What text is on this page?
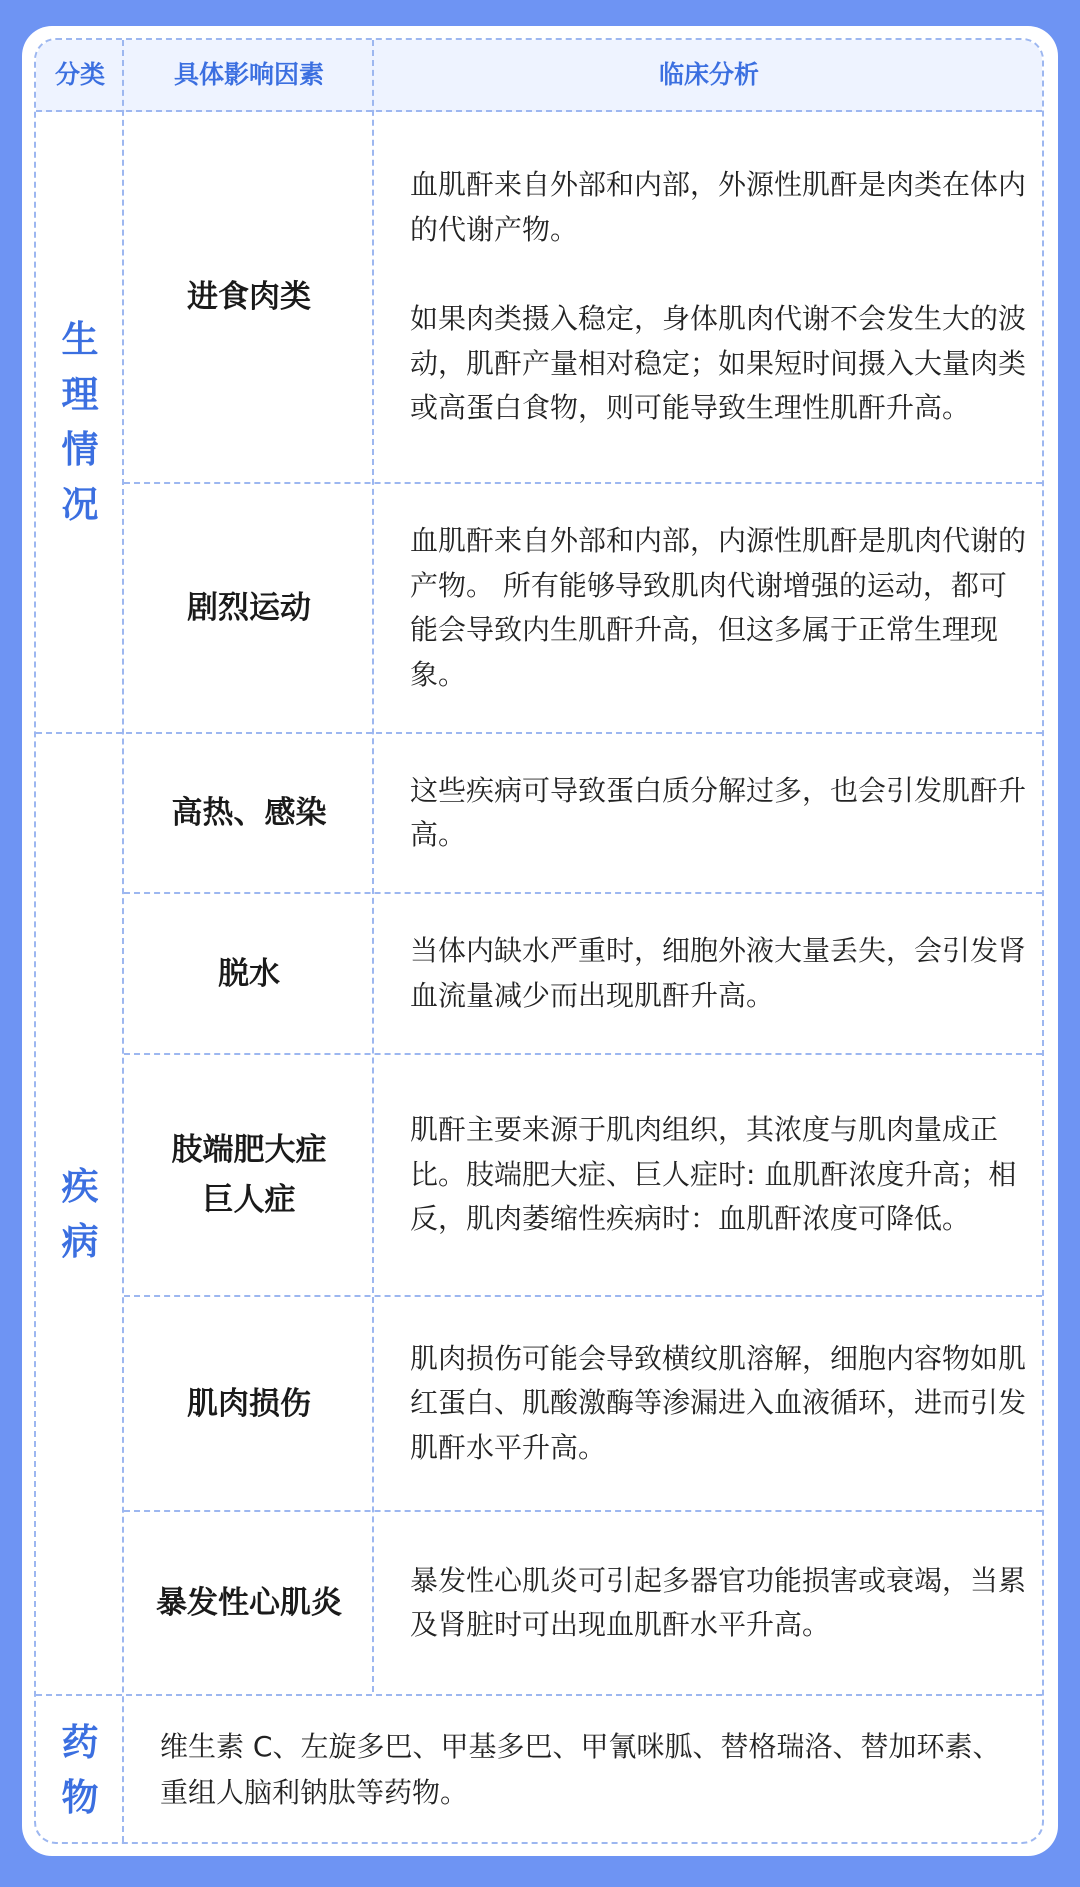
分类	具体影响因素	临床分析
生理情况
疾病
药物
进食肉类

血肌酐来自外部和内部，外源性肌酐是肉类在体内的代谢产物。

如果肉类摄入稳定，身体肌肉代谢不会发生大的波动，肌酐产量相对稳定；如果短时间摄入大量肉类或高蛋白食物，则可能导致生理性肌酐升高。

剧烈运动

血肌酐来自外部和内部，内源性肌酐是肌肉代谢的产物。 所有能够导致肌肉代谢增强的运动，都可能会导致内生肌酐升高，但这多属于正常生理现象。

高热、感染

这些疾病可导致蛋白质分解过多，也会引发肌酐升高。

脱水

当体内缺水严重时，细胞外液大量丢失，会引发肾血流量减少而出现肌酐升高。

肢端肥大症
巨人症

肌酐主要来源于肌肉组织，其浓度与肌肉量成正比。肢端肥大症、巨人症时: 血肌酐浓度升高；相反，肌肉萎缩性疾病时：血肌酐浓度可降低。

肌肉损伤

肌肉损伤可能会导致横纹肌溶解，细胞内容物如肌红蛋白、肌酸激酶等渗漏进入血液循环，进而引发肌酐水平升高。

暴发性心肌炎

暴发性心肌炎可引起多器官功能损害或衰竭，当累及肾脏时可出现血肌酐水平升高。

维生素 C、左旋多巴、甲基多巴、甲氰咪胍、替格瑞洛、替加环素、重组人脑利钠肽等药物。
